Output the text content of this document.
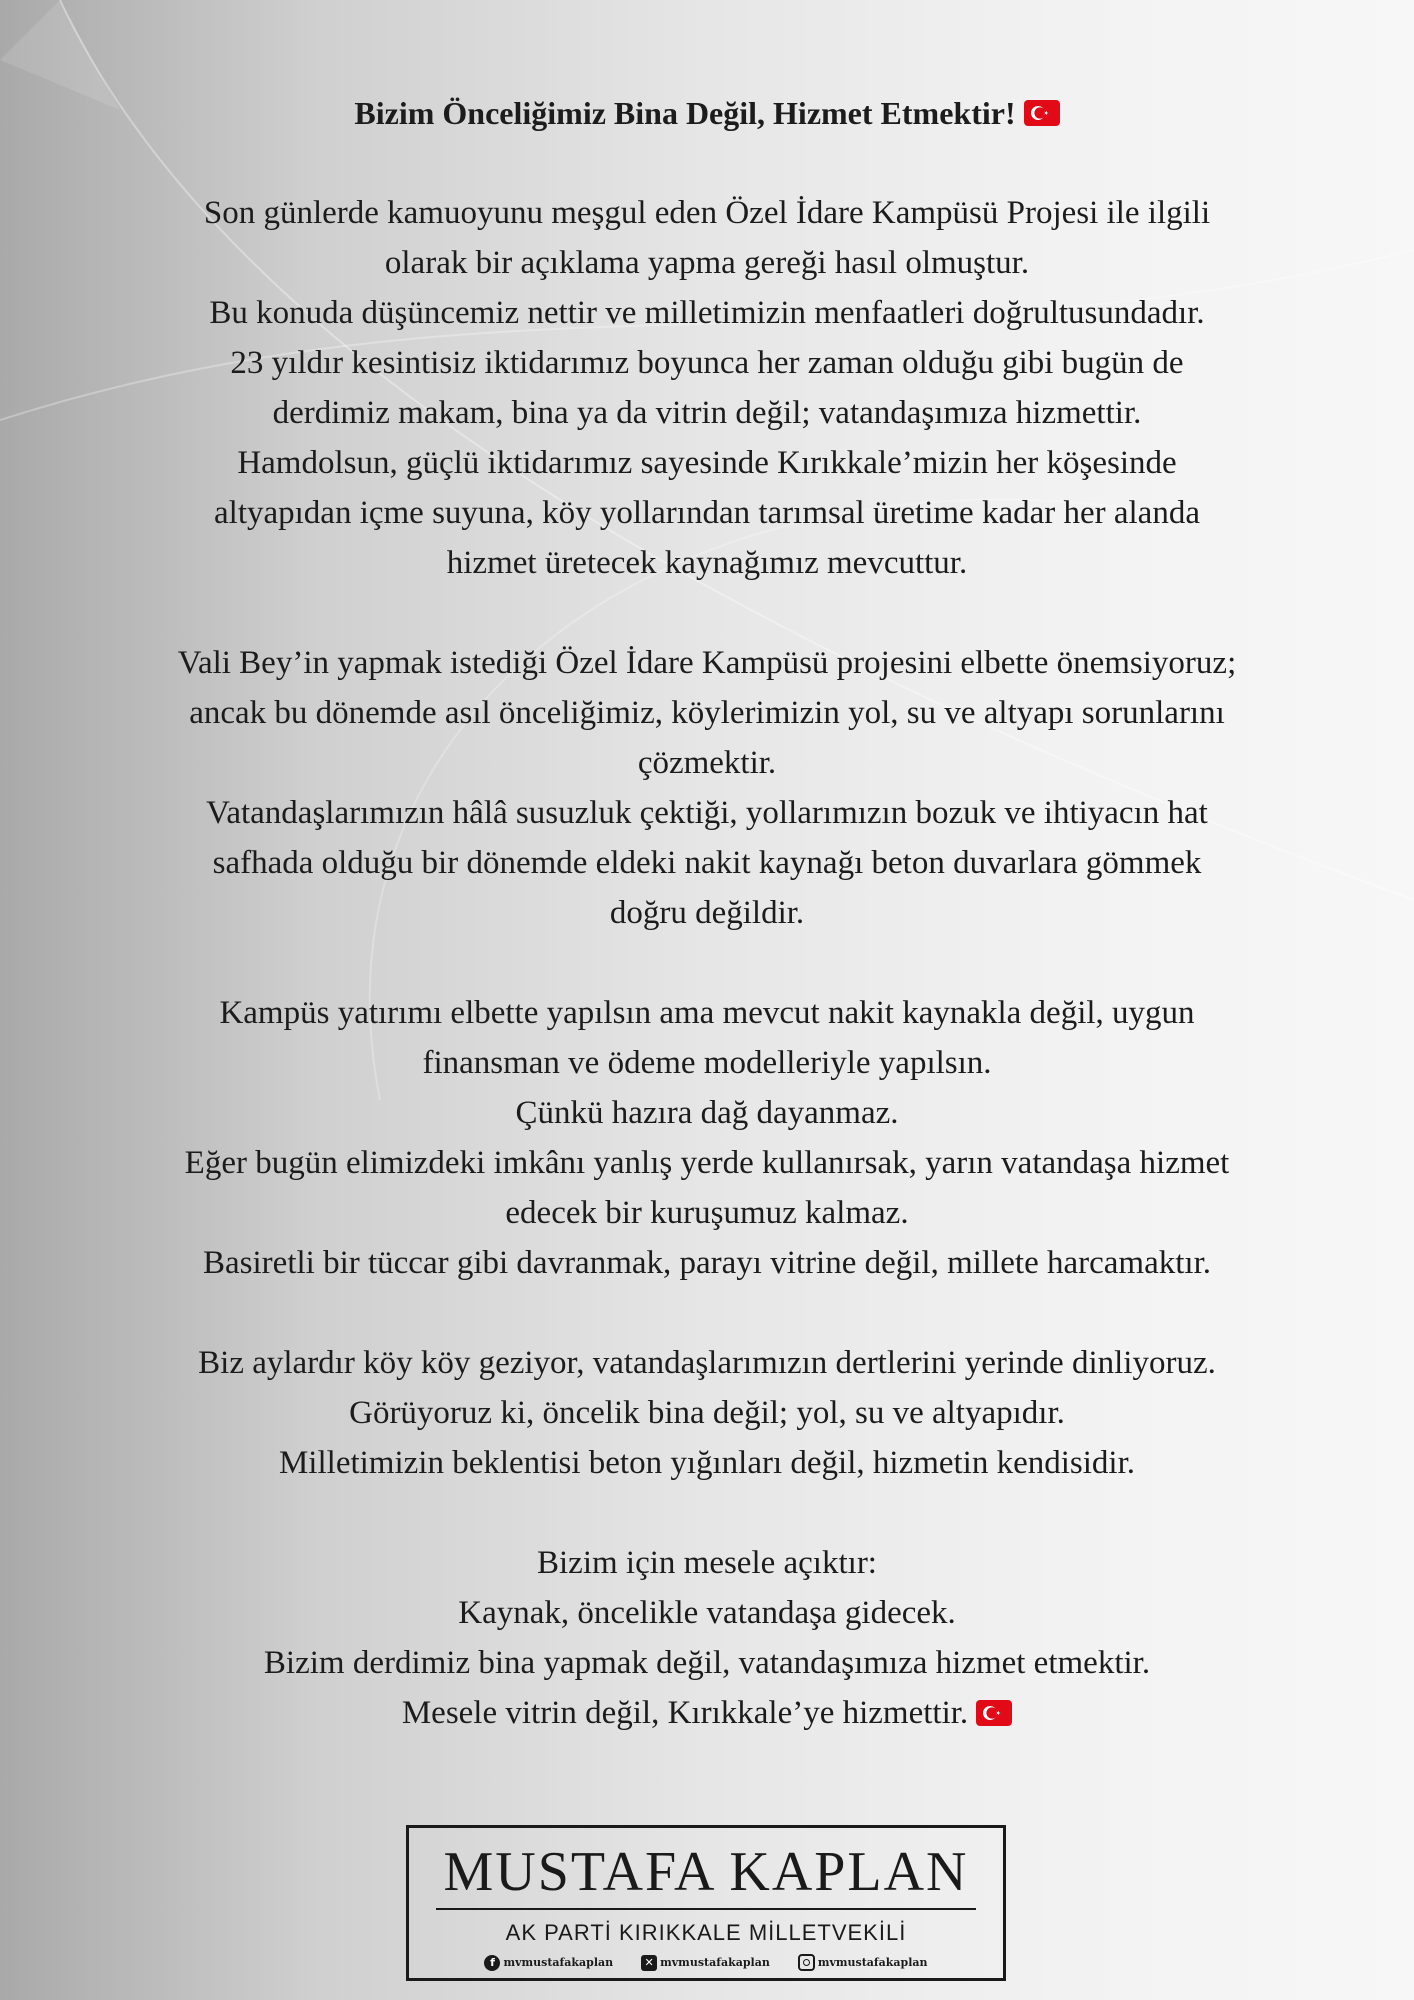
Bizim Önceliğimiz Bina Değil, Hizmet Etmektir!
Son günlerde kamuoyunu meşgul eden Özel İdare Kampüsü Projesi ile ilgili
olarak bir açıklama yapma gereği hasıl olmuştur.
Bu konuda düşüncemiz nettir ve milletimizin menfaatleri doğrultusundadır.
23 yıldır kesintisiz iktidarımız boyunca her zaman olduğu gibi bugün de
derdimiz makam, bina ya da vitrin değil; vatandaşımıza hizmettir.
Hamdolsun, güçlü iktidarımız sayesinde Kırıkkale’mizin her köşesinde
altyapıdan içme suyuna, köy yollarından tarımsal üretime kadar her alanda
hizmet üretecek kaynağımız mevcuttur.
Vali Bey’in yapmak istediği Özel İdare Kampüsü projesini elbette önemsiyoruz;
ancak bu dönemde asıl önceliğimiz, köylerimizin yol, su ve altyapı sorunlarını
çözmektir.
Vatandaşlarımızın hâlâ susuzluk çektiği, yollarımızın bozuk ve ihtiyacın hat
safhada olduğu bir dönemde eldeki nakit kaynağı beton duvarlara gömmek
doğru değildir.
Kampüs yatırımı elbette yapılsın ama mevcut nakit kaynakla değil, uygun
finansman ve ödeme modelleriyle yapılsın.
Çünkü hazıra dağ dayanmaz.
Eğer bugün elimizdeki imkânı yanlış yerde kullanırsak, yarın vatandaşa hizmet
edecek bir kuruşumuz kalmaz.
Basiretli bir tüccar gibi davranmak, parayı vitrine değil, millete harcamaktır.
Biz aylardır köy köy geziyor, vatandaşlarımızın dertlerini yerinde dinliyoruz.
Görüyoruz ki, öncelik bina değil; yol, su ve altyapıdır.
Milletimizin beklentisi beton yığınları değil, hizmetin kendisidir.
Bizim için mesele açıktır:
Kaynak, öncelikle vatandaşa gidecek.
Bizim derdimiz bina yapmak değil, vatandaşımıza hizmet etmektir.
Mesele vitrin değil, Kırıkkale’ye hizmettir.
MUSTAFA KAPLAN
AK PARTİ KIRIKKALE MİLLETVEKİLİ
f mvmustafakaplan	✕ mvmustafakaplan	mvmustafakaplan
